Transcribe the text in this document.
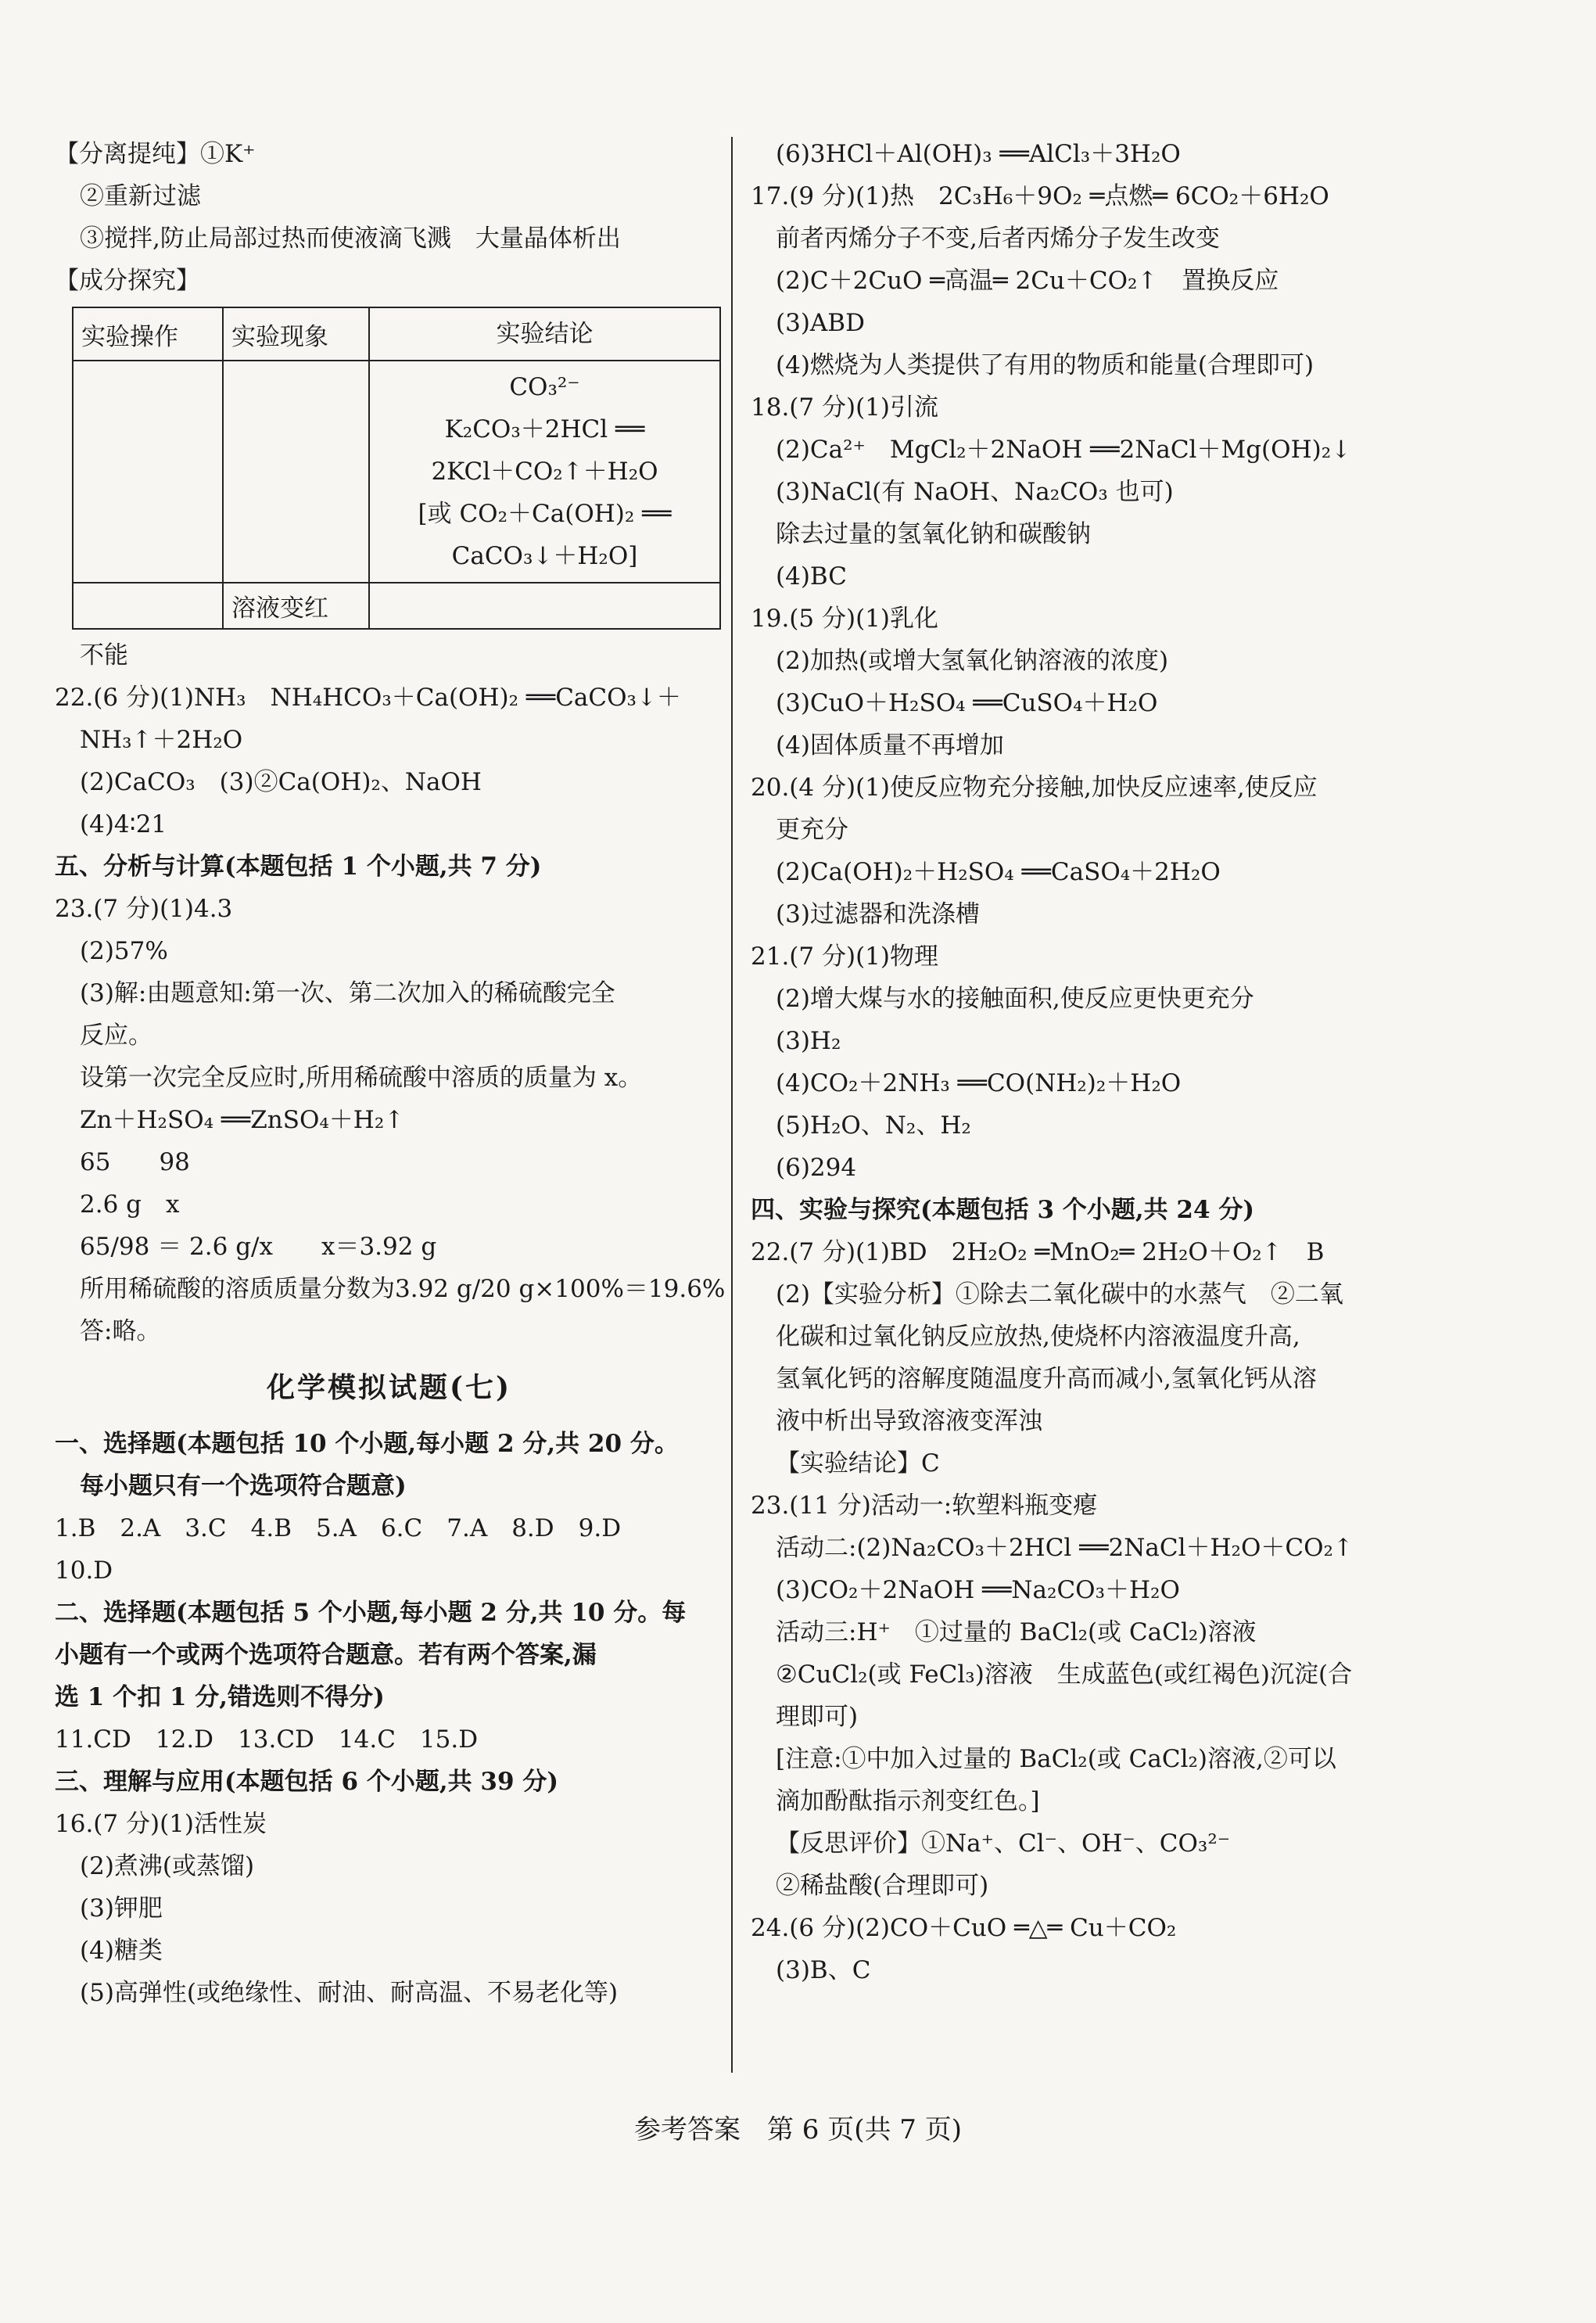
【分离提纯】①K⁺
②重新过滤
③搅拌,防止局部过热而使液滴飞溅　大量晶体析出
【成分探究】
实验操作	实验现象	实验结论

		CO₃²⁻
K₂CO₃＋2HCl ══
2KCl＋CO₂↑＋H₂O
[或 CO₂＋Ca(OH)₂ ══
CaCO₃↓＋H₂O]

	溶液变红	
不能
22.(6 分)(1)NH₃　NH₄HCO₃＋Ca(OH)₂ ══CaCO₃↓＋
NH₃↑＋2H₂O
(2)CaCO₃　(3)②Ca(OH)₂、NaOH
(4)4∶21
五、分析与计算(本题包括 1 个小题,共 7 分)
23.(7 分)(1)4.3
(2)57%
(3)解:由题意知:第一次、第二次加入的稀硫酸完全
反应。
设第一次完全反应时,所用稀硫酸中溶质的质量为 x。
Zn＋H₂SO₄ ══ZnSO₄＋H₂↑
65　　98
2.6 g　x
65/98 ＝ 2.6 g/x　　x＝3.92 g
所用稀硫酸的溶质质量分数为3.92 g/20 g×100%＝19.6%
答:略。
化学模拟试题(七)
一、选择题(本题包括 10 个小题,每小题 2 分,共 20 分。
每小题只有一个选项符合题意)
1.B　2.A　3.C　4.B　5.A　6.C　7.A　8.D　9.D
10.D
二、选择题(本题包括 5 个小题,每小题 2 分,共 10 分。每
小题有一个或两个选项符合题意。若有两个答案,漏
选 1 个扣 1 分,错选则不得分)
11.CD　12.D　13.CD　14.C　15.D
三、理解与应用(本题包括 6 个小题,共 39 分)
16.(7 分)(1)活性炭
(2)煮沸(或蒸馏)
(3)钾肥
(4)糖类
(5)高弹性(或绝缘性、耐油、耐高温、不易老化等)
(6)3HCl＋Al(OH)₃ ══AlCl₃＋3H₂O
17.(9 分)(1)热　2C₃H₆＋9O₂ ═点燃═ 6CO₂＋6H₂O
前者丙烯分子不变,后者丙烯分子发生改变
(2)C＋2CuO ═高温═ 2Cu＋CO₂↑　置换反应
(3)ABD
(4)燃烧为人类提供了有用的物质和能量(合理即可)
18.(7 分)(1)引流
(2)Ca²⁺　MgCl₂＋2NaOH ══2NaCl＋Mg(OH)₂↓
(3)NaCl(有 NaOH、Na₂CO₃ 也可)
除去过量的氢氧化钠和碳酸钠
(4)BC
19.(5 分)(1)乳化
(2)加热(或增大氢氧化钠溶液的浓度)
(3)CuO＋H₂SO₄ ══CuSO₄＋H₂O
(4)固体质量不再增加
20.(4 分)(1)使反应物充分接触,加快反应速率,使反应
更充分
(2)Ca(OH)₂＋H₂SO₄ ══CaSO₄＋2H₂O
(3)过滤器和洗涤槽
21.(7 分)(1)物理
(2)增大煤与水的接触面积,使反应更快更充分
(3)H₂
(4)CO₂＋2NH₃ ══CO(NH₂)₂＋H₂O
(5)H₂O、N₂、H₂
(6)294
四、实验与探究(本题包括 3 个小题,共 24 分)
22.(7 分)(1)BD　2H₂O₂ ═MnO₂═ 2H₂O＋O₂↑　B
(2)【实验分析】①除去二氧化碳中的水蒸气　②二氧
化碳和过氧化钠反应放热,使烧杯内溶液温度升高,
氢氧化钙的溶解度随温度升高而减小,氢氧化钙从溶
液中析出导致溶液变浑浊
【实验结论】C
23.(11 分)活动一:软塑料瓶变瘪
活动二:(2)Na₂CO₃＋2HCl ══2NaCl＋H₂O＋CO₂↑
(3)CO₂＋2NaOH ══Na₂CO₃＋H₂O
活动三:H⁺　①过量的 BaCl₂(或 CaCl₂)溶液
②CuCl₂(或 FeCl₃)溶液　生成蓝色(或红褐色)沉淀(合
理即可)
[注意:①中加入过量的 BaCl₂(或 CaCl₂)溶液,②可以
滴加酚酞指示剂变红色。]
【反思评价】①Na⁺、Cl⁻、OH⁻、CO₃²⁻
②稀盐酸(合理即可)
24.(6 分)(2)CO＋CuO ═△═ Cu＋CO₂
(3)B、C
参考答案　第 6 页(共 7 页)
